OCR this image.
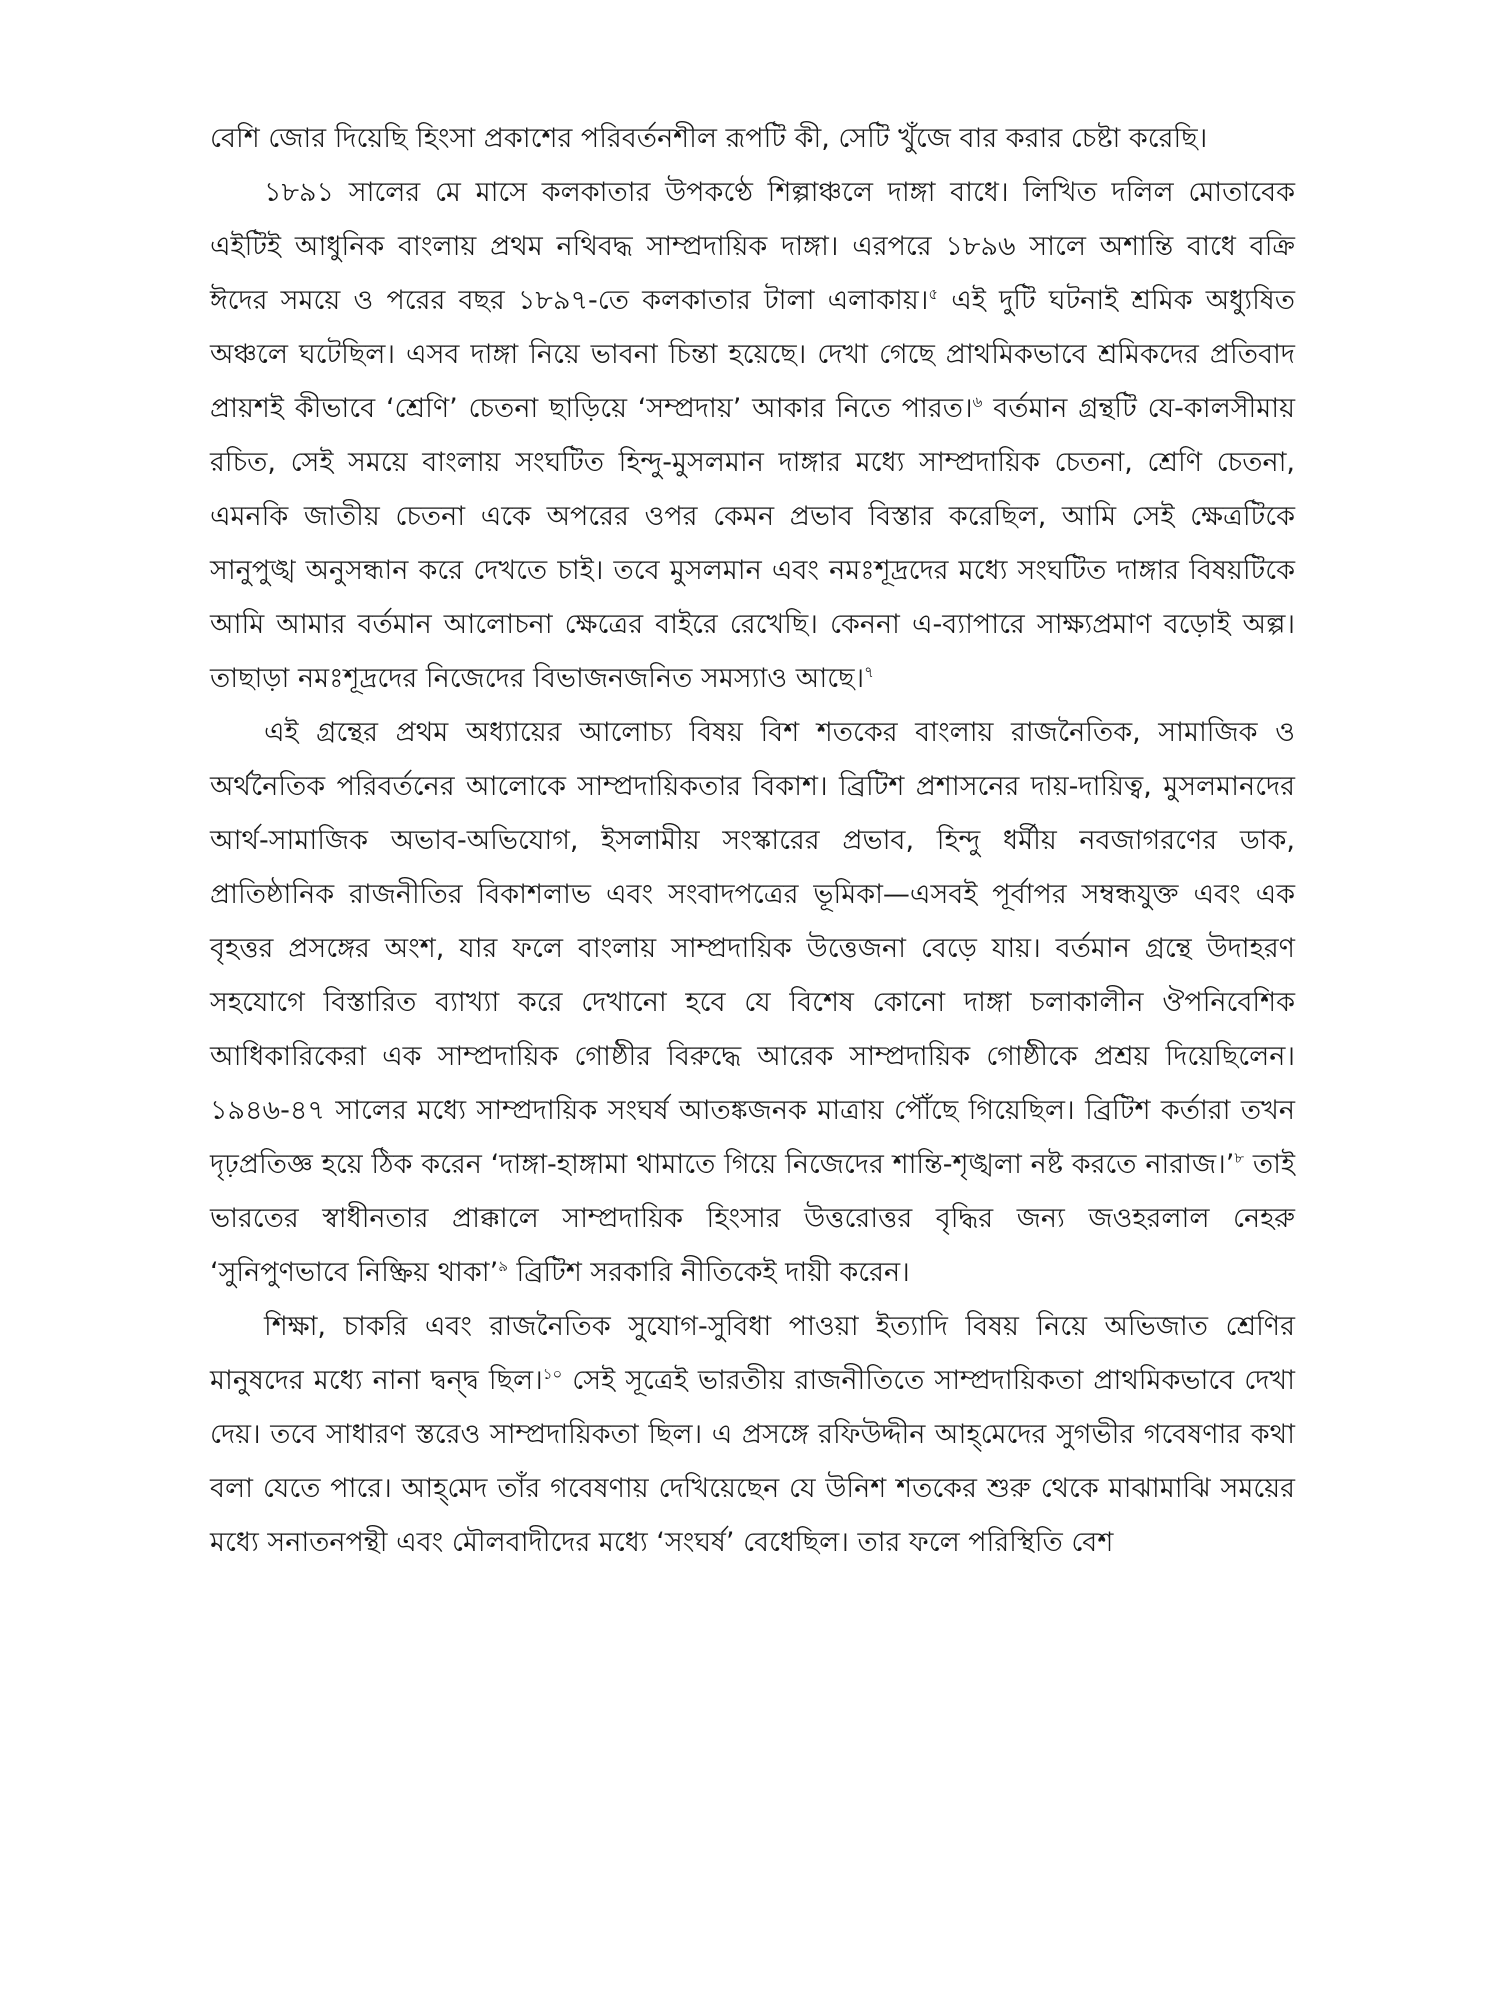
বেশি জোর দিয়েছি হিংসা প্রকাশের পরিবর্তনশীল রূপটি কী, সেটি খুঁজে বার করার চেষ্টা করেছি।

১৮৯১ সালের মে মাসে কলকাতার উপকণ্ঠে শিল্পাঞ্চলে দাঙ্গা বাধে। লিখিত দলিল মোতাবেক এইটিই আধুনিক বাংলায় প্রথম নথিবদ্ধ সাম্প্রদায়িক দাঙ্গা। এরপরে ১৮৯৬ সালে অশান্তি বাধে বক্রি ঈদের সময়ে ও পরের বছর ১৮৯৭-তে কলকাতার টালা এলাকায়।$^৫$ এই দুটি ঘটনাই শ্রমিক অধ্যুষিত অঞ্চলে ঘটেছিল। এসব দাঙ্গা নিয়ে ভাবনা চিন্তা হয়েছে। দেখা গেছে প্রাথমিকভাবে শ্রমিকদের প্রতিবাদ প্রায়শই কীভাবে ‘শ্রেণি’ চেতনা ছাড়িয়ে ‘সম্প্রদায়’ আকার নিতে পারত।$^৬$ বর্তমান গ্রন্থটি যে-কালসীমায় রচিত, সেই সময়ে বাংলায় সংঘটিত হিন্দু-মুসলমান দাঙ্গার মধ্যে সাম্প্রদায়িক চেতনা, শ্রেণি চেতনা, এমনকি জাতীয় চেতনা একে অপরের ওপর কেমন প্রভাব বিস্তার করেছিল, আমি সেই ক্ষেত্রটিকে সানুপুঙ্খ অনুসন্ধান করে দেখতে চাই। তবে মুসলমান এবং নমঃশূদ্রদের মধ্যে সংঘটিত দাঙ্গার বিষয়টিকে আমি আমার বর্তমান আলোচনা ক্ষেত্রের বাইরে রেখেছি। কেননা এ-ব্যাপারে সাক্ষ্যপ্রমাণ বড়োই অল্প। তাছাড়া নমঃশূদ্রদের নিজেদের বিভাজনজনিত সমস্যাও আছে।$^৭$

এই গ্রন্থের প্রথম অধ্যায়ের আলোচ্য বিষয় বিশ শতকের বাংলায় রাজনৈতিক, সামাজিক ও অর্থনৈতিক পরিবর্তনের আলোকে সাম্প্রদায়িকতার বিকাশ। ব্রিটিশ প্রশাসনের দায়-দায়িত্ব, মুসলমানদের আর্থ-সামাজিক অভাব-অভিযোগ, ইসলামীয় সংস্কারের প্রভাব, হিন্দু ধর্মীয় নবজাগরণের ডাক, প্রাতিষ্ঠানিক রাজনীতির বিকাশলাভ এবং সংবাদপত্রের ভূমিকা—এসবই পূর্বাপর সম্বন্ধযুক্ত এবং এক বৃহত্তর প্রসঙ্গের অংশ, যার ফলে বাংলায় সাম্প্রদায়িক উত্তেজনা বেড়ে যায়। বর্তমান গ্রন্থে উদাহরণ সহযোগে বিস্তারিত ব্যাখ্যা করে দেখানো হবে যে বিশেষ কোনো দাঙ্গা চলাকালীন ঔপনিবেশিক আধিকারিকেরা এক সাম্প্রদায়িক গোষ্ঠীর বিরুদ্ধে আরেক সাম্প্রদায়িক গোষ্ঠীকে প্রশ্রয় দিয়েছিলেন। ১৯৪৬-৪৭ সালের মধ্যে সাম্প্রদায়িক সংঘর্ষ আতঙ্কজনক মাত্রায় পৌঁছে গিয়েছিল। ব্রিটিশ কর্তারা তখন দৃঢ়প্রতিজ্ঞ হয়ে ঠিক করেন ‘দাঙ্গা-হাঙ্গামা থামাতে গিয়ে নিজেদের শান্তি-শৃঙ্খলা নষ্ট করতে নারাজ।’$^৮$ তাই ভারতের স্বাধীনতার প্রাক্কালে সাম্প্রদায়িক হিংসার উত্তরোত্তর বৃদ্ধির জন্য জওহরলাল নেহরু ‘সুনিপুণভাবে নিষ্ক্রিয় থাকা’$^৯$ ব্রিটিশ সরকারি নীতিকেই দায়ী করেন।

শিক্ষা, চাকরি এবং রাজনৈতিক সুযোগ-সুবিধা পাওয়া ইত্যাদি বিষয় নিয়ে অভিজাত শ্রেণির মানুষদের মধ্যে নানা দ্বন্দ্ব ছিল।$^{১০}$ সেই সূত্রেই ভারতীয় রাজনীতিতে সাম্প্রদায়িকতা প্রাথমিকভাবে দেখা দেয়। তবে সাধারণ স্তরেও সাম্প্রদায়িকতা ছিল। এ প্রসঙ্গে রফিউদ্দীন আহ্‌মেদের সুগভীর গবেষণার কথা বলা যেতে পারে। আহ্‌মেদ তাঁর গবেষণায় দেখিয়েছেন যে উনিশ শতকের শুরু থেকে মাঝামাঝি সময়ের মধ্যে সনাতনপন্থী এবং মৌলবাদীদের মধ্যে ‘সংঘর্ষ’ বেধেছিল। তার ফলে পরিস্থিতি বেশ
